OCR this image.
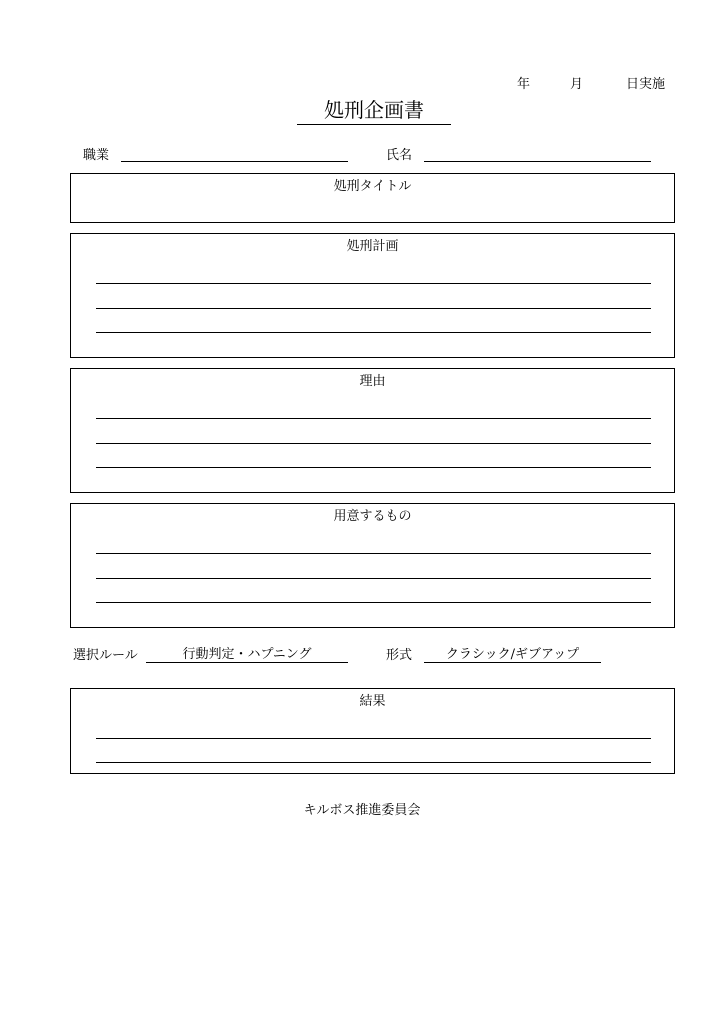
年	月	日実施
処刑企画書
職業	氏名
処刑タイトル
処刑計画
理由
用意するもの
選択ルール	行動判定・ハプニング	形式	クラシック/ギブアップ
結果
キルボス推進委員会
